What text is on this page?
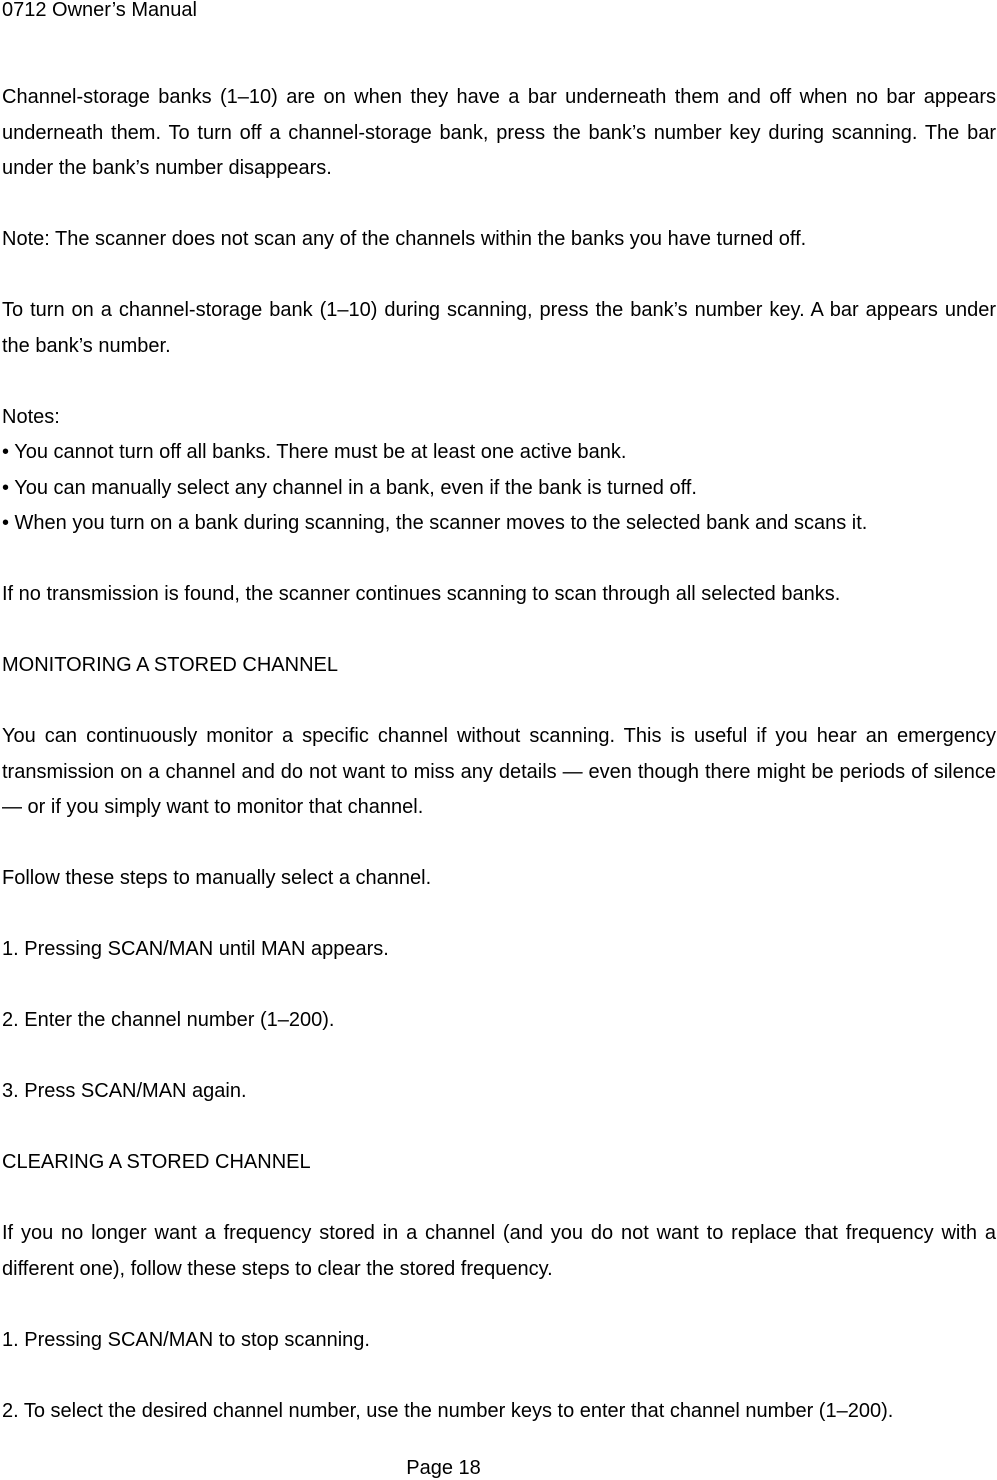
0712 Owner’s Manual

Channel-storage banks (1–10) are on when they have a bar underneath them and off when no bar appears underneath them. To turn off a channel-storage bank, press the bank’s number key during scanning. The bar under the bank’s number disappears.

Note: The scanner does not scan any of the channels within the banks you have turned off.

To turn on a channel-storage bank (1–10) during scanning, press the bank’s number key. A bar appears under the bank’s number.

Notes:

• You cannot turn off all banks. There must be at least one active bank.

• You can manually select any channel in a bank, even if the bank is turned off.

• When you turn on a bank during scanning, the scanner moves to the selected bank and scans it.

If no transmission is found, the scanner continues scanning to scan through all selected banks.

MONITORING A STORED CHANNEL

You can continuously monitor a specific channel without scanning. This is useful if you hear an emergency transmission on a channel and do not want to miss any details — even though there might be periods of silence — or if you simply want to monitor that channel.

Follow these steps to manually select a channel.

1. Pressing SCAN/MAN until MAN appears.

2. Enter the channel number (1–200).

3. Press SCAN/MAN again.

CLEARING A STORED CHANNEL

If you no longer want a frequency stored in a channel (and you do not want to replace that frequency with a different one), follow these steps to clear the stored frequency.

1. Pressing SCAN/MAN to stop scanning.

2. To select the desired channel number, use the number keys to enter that channel number (1–200).

Page 18
